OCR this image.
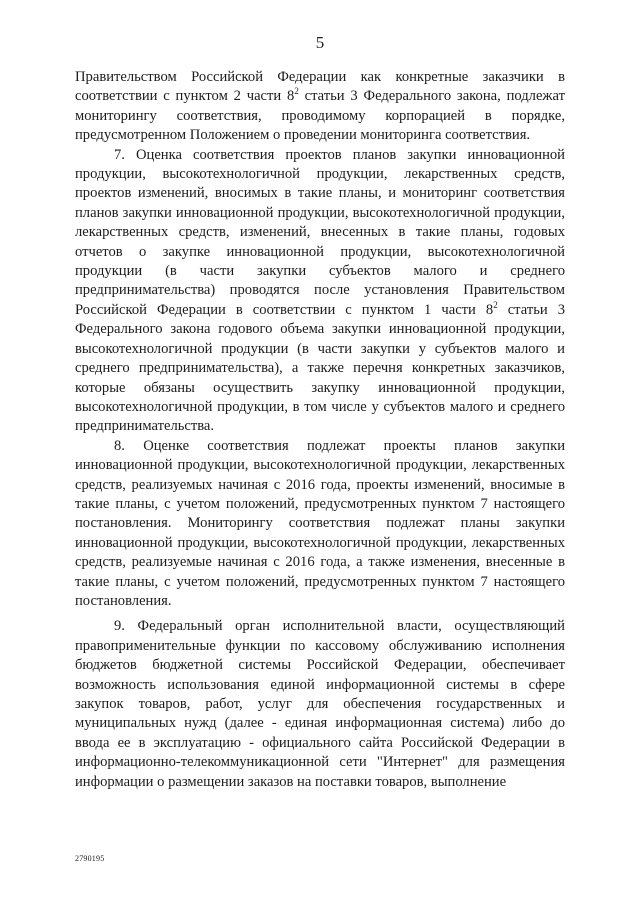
5

Правительством Российской Федерации как конкретные заказчики в соответствии с пунктом 2 части $8^2$ статьи 3 Федерального закона, подлежат мониторингу соответствия, проводимому корпорацией в порядке, предусмотренном Положением о проведении мониторинга соответствия.

7. Оценка соответствия проектов планов закупки инновационной продукции, высокотехнологичной продукции, лекарственных средств, проектов изменений, вносимых в такие планы, и мониторинг соответствия планов закупки инновационной продукции, высокотехнологичной продукции, лекарственных средств, изменений, внесенных в такие планы, годовых отчетов о закупке инновационной продукции, высокотехнологичной продукции (в части закупки субъектов малого и среднего предпринимательства) проводятся после установления Правительством Российской Федерации в соответствии с пунктом 1 части $8^2$ статьи 3 Федерального закона годового объема закупки инновационной продукции, высокотехнологичной продукции (в части закупки у субъектов малого и среднего предпринимательства), а также перечня конкретных заказчиков, которые обязаны осуществить закупку инновационной продукции, высокотехнологичной продукции, в том числе у субъектов малого и среднего предпринимательства.

8. Оценке соответствия подлежат проекты планов закупки инновационной продукции, высокотехнологичной продукции, лекарственных средств, реализуемых начиная с 2016 года, проекты изменений, вносимые в такие планы, с учетом положений, предусмотренных пунктом 7 настоящего постановления. Мониторингу соответствия подлежат планы закупки инновационной продукции, высокотехнологичной продукции, лекарственных средств, реализуемые начиная с 2016 года, а также изменения, внесенные в такие планы, с учетом положений, предусмотренных пунктом 7 настоящего постановления.

9. Федеральный орган исполнительной власти, осуществляющий правоприменительные функции по кассовому обслуживанию исполнения бюджетов бюджетной системы Российской Федерации, обеспечивает возможность использования единой информационной системы в сфере закупок товаров, работ, услуг для обеспечения государственных и муниципальных нужд (далее - единая информационная система) либо до ввода ее в эксплуатацию - официального сайта Российской Федерации в информационно-телекоммуникационной сети "Интернет" для размещения информации о размещении заказов на поставки товаров, выполнение

2790195
